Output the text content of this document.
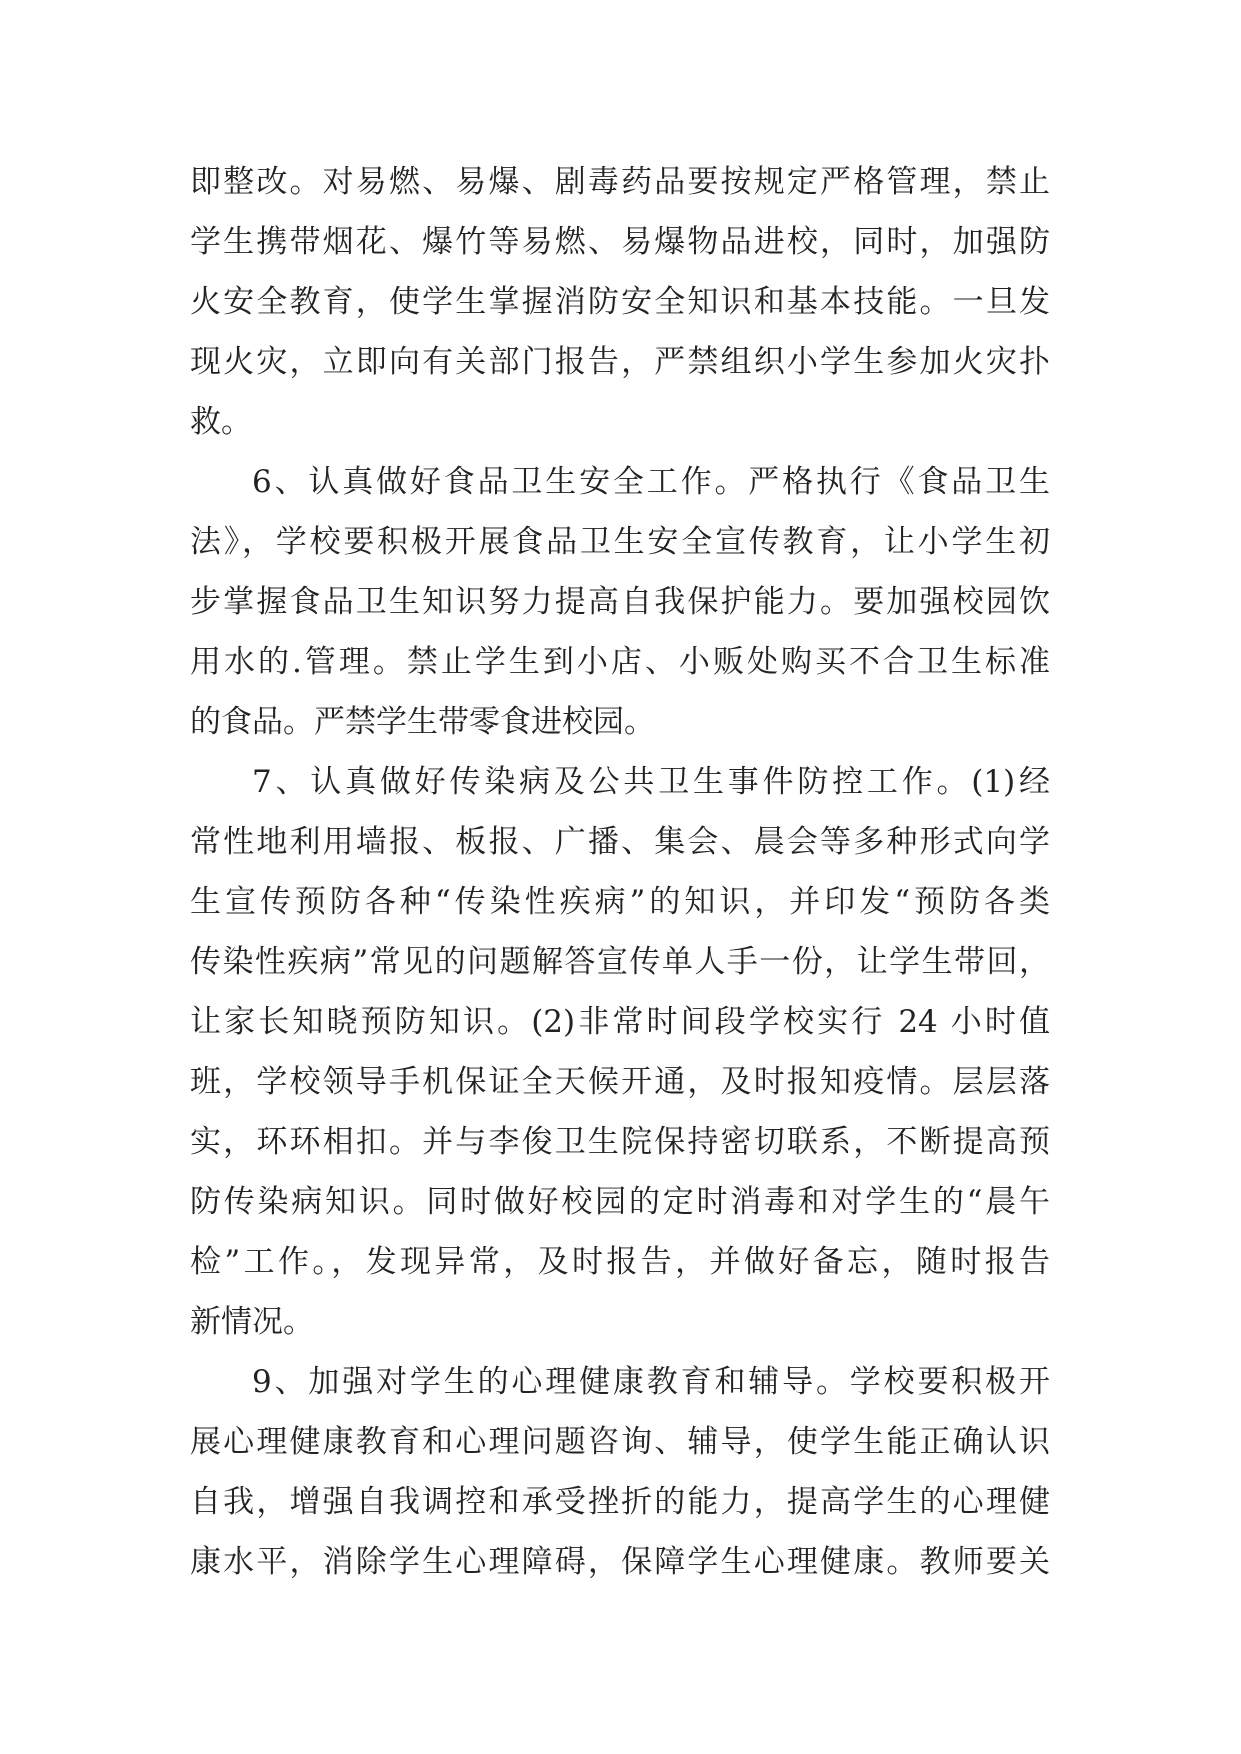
即整改。对易燃、易爆、剧毒药品要按规定严格管理，禁止
学生携带烟花、爆竹等易燃、易爆物品进校，同时，加强防
火安全教育，使学生掌握消防安全知识和基本技能。一旦发
现火灾，立即向有关部门报告，严禁组织小学生参加火灾扑
救。
6、认真做好食品卫生安全工作。严格执行《食品卫生
法》，学校要积极开展食品卫生安全宣传教育，让小学生初
步掌握食品卫生知识努力提高自我保护能力。要加强校园饮
用水的.管理。禁止学生到小店、小贩处购买不合卫生标准
的食品。严禁学生带零食进校园。
7、认真做好传染病及公共卫生事件防控工作。(1)经
常性地利用墙报、板报、广播、集会、晨会等多种形式向学
生宣传预防各种“传染性疾病”的知识，并印发“预防各类
传染性疾病”常见的问题解答宣传单人手一份，让学生带回，
让家长知晓预防知识。(2)非常时间段学校实行 24 小时值
班，学校领导手机保证全天候开通，及时报知疫情。层层落
实，环环相扣。并与李俊卫生院保持密切联系，不断提高预
防传染病知识。同时做好校园的定时消毒和对学生的“晨午
检”工作。，发现异常，及时报告，并做好备忘，随时报告
新情况。
9、加强对学生的心理健康教育和辅导。学校要积极开
展心理健康教育和心理问题咨询、辅导，使学生能正确认识
自我，增强自我调控和承受挫折的能力，提高学生的心理健
康水平，消除学生心理障碍，保障学生心理健康。教师要关
